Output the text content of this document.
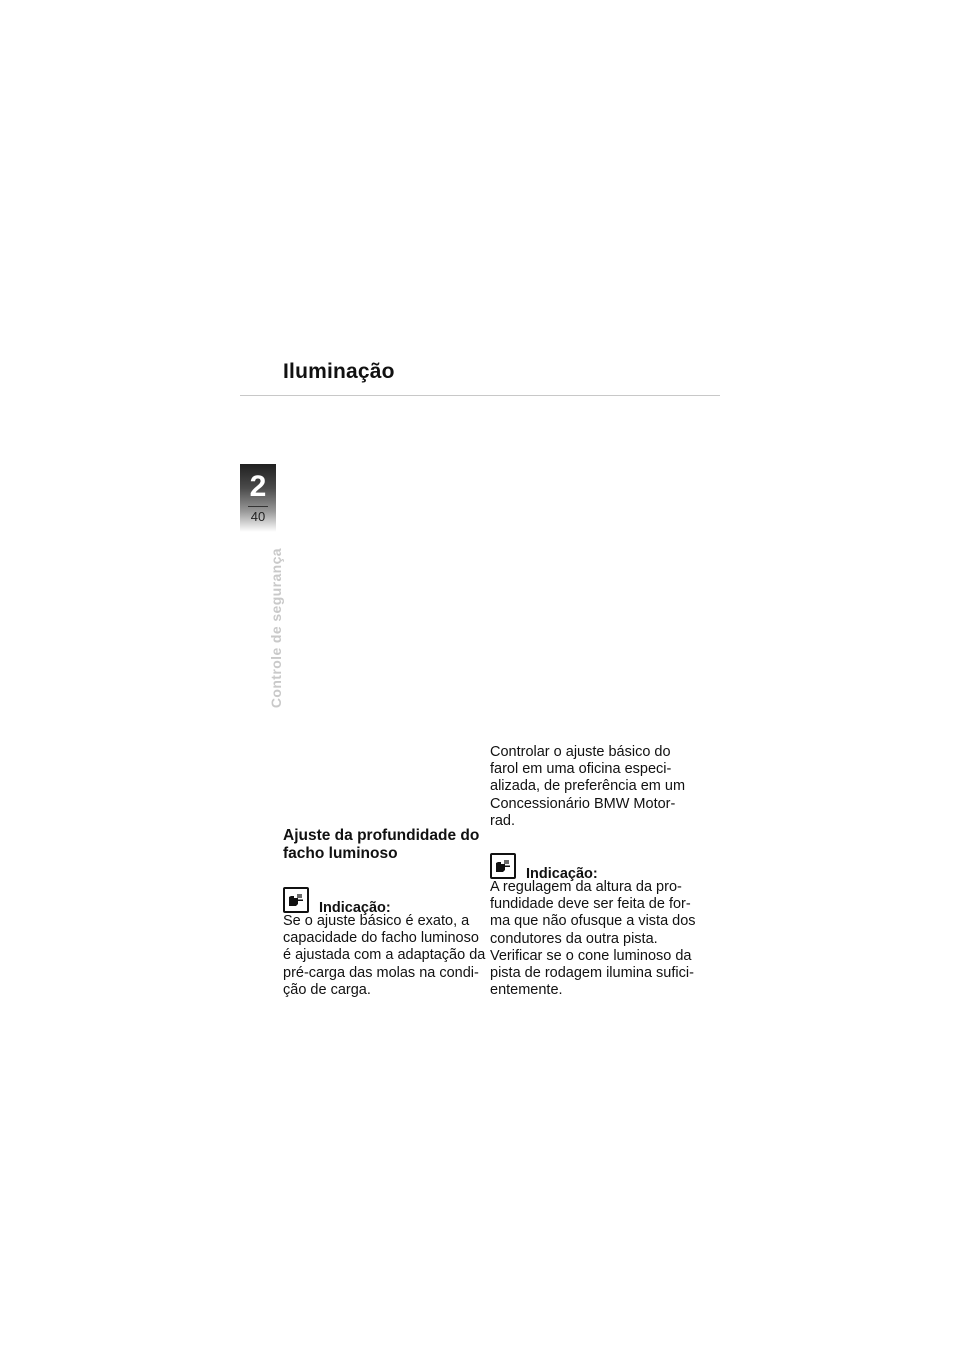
Iluminação
2
40
Controle de segurança
Ajuste da profundidade do
facho luminoso
Indicação:

Se o ajuste básico é exato, a
capacidade do facho luminoso
é ajustada com a adaptação da
pré-carga das molas na condi-
ção de carga.

Controlar o ajuste básico do
farol em uma oficina especi-
alizada, de preferência em um
Concessionário BMW Motor-
rad.

Indicação:

A regulagem da altura da pro-
fundidade deve ser feita de for-
ma que não ofusque a vista dos
condutores da outra pista.
Verificar se o cone luminoso da
pista de rodagem ilumina sufici-
entemente.
